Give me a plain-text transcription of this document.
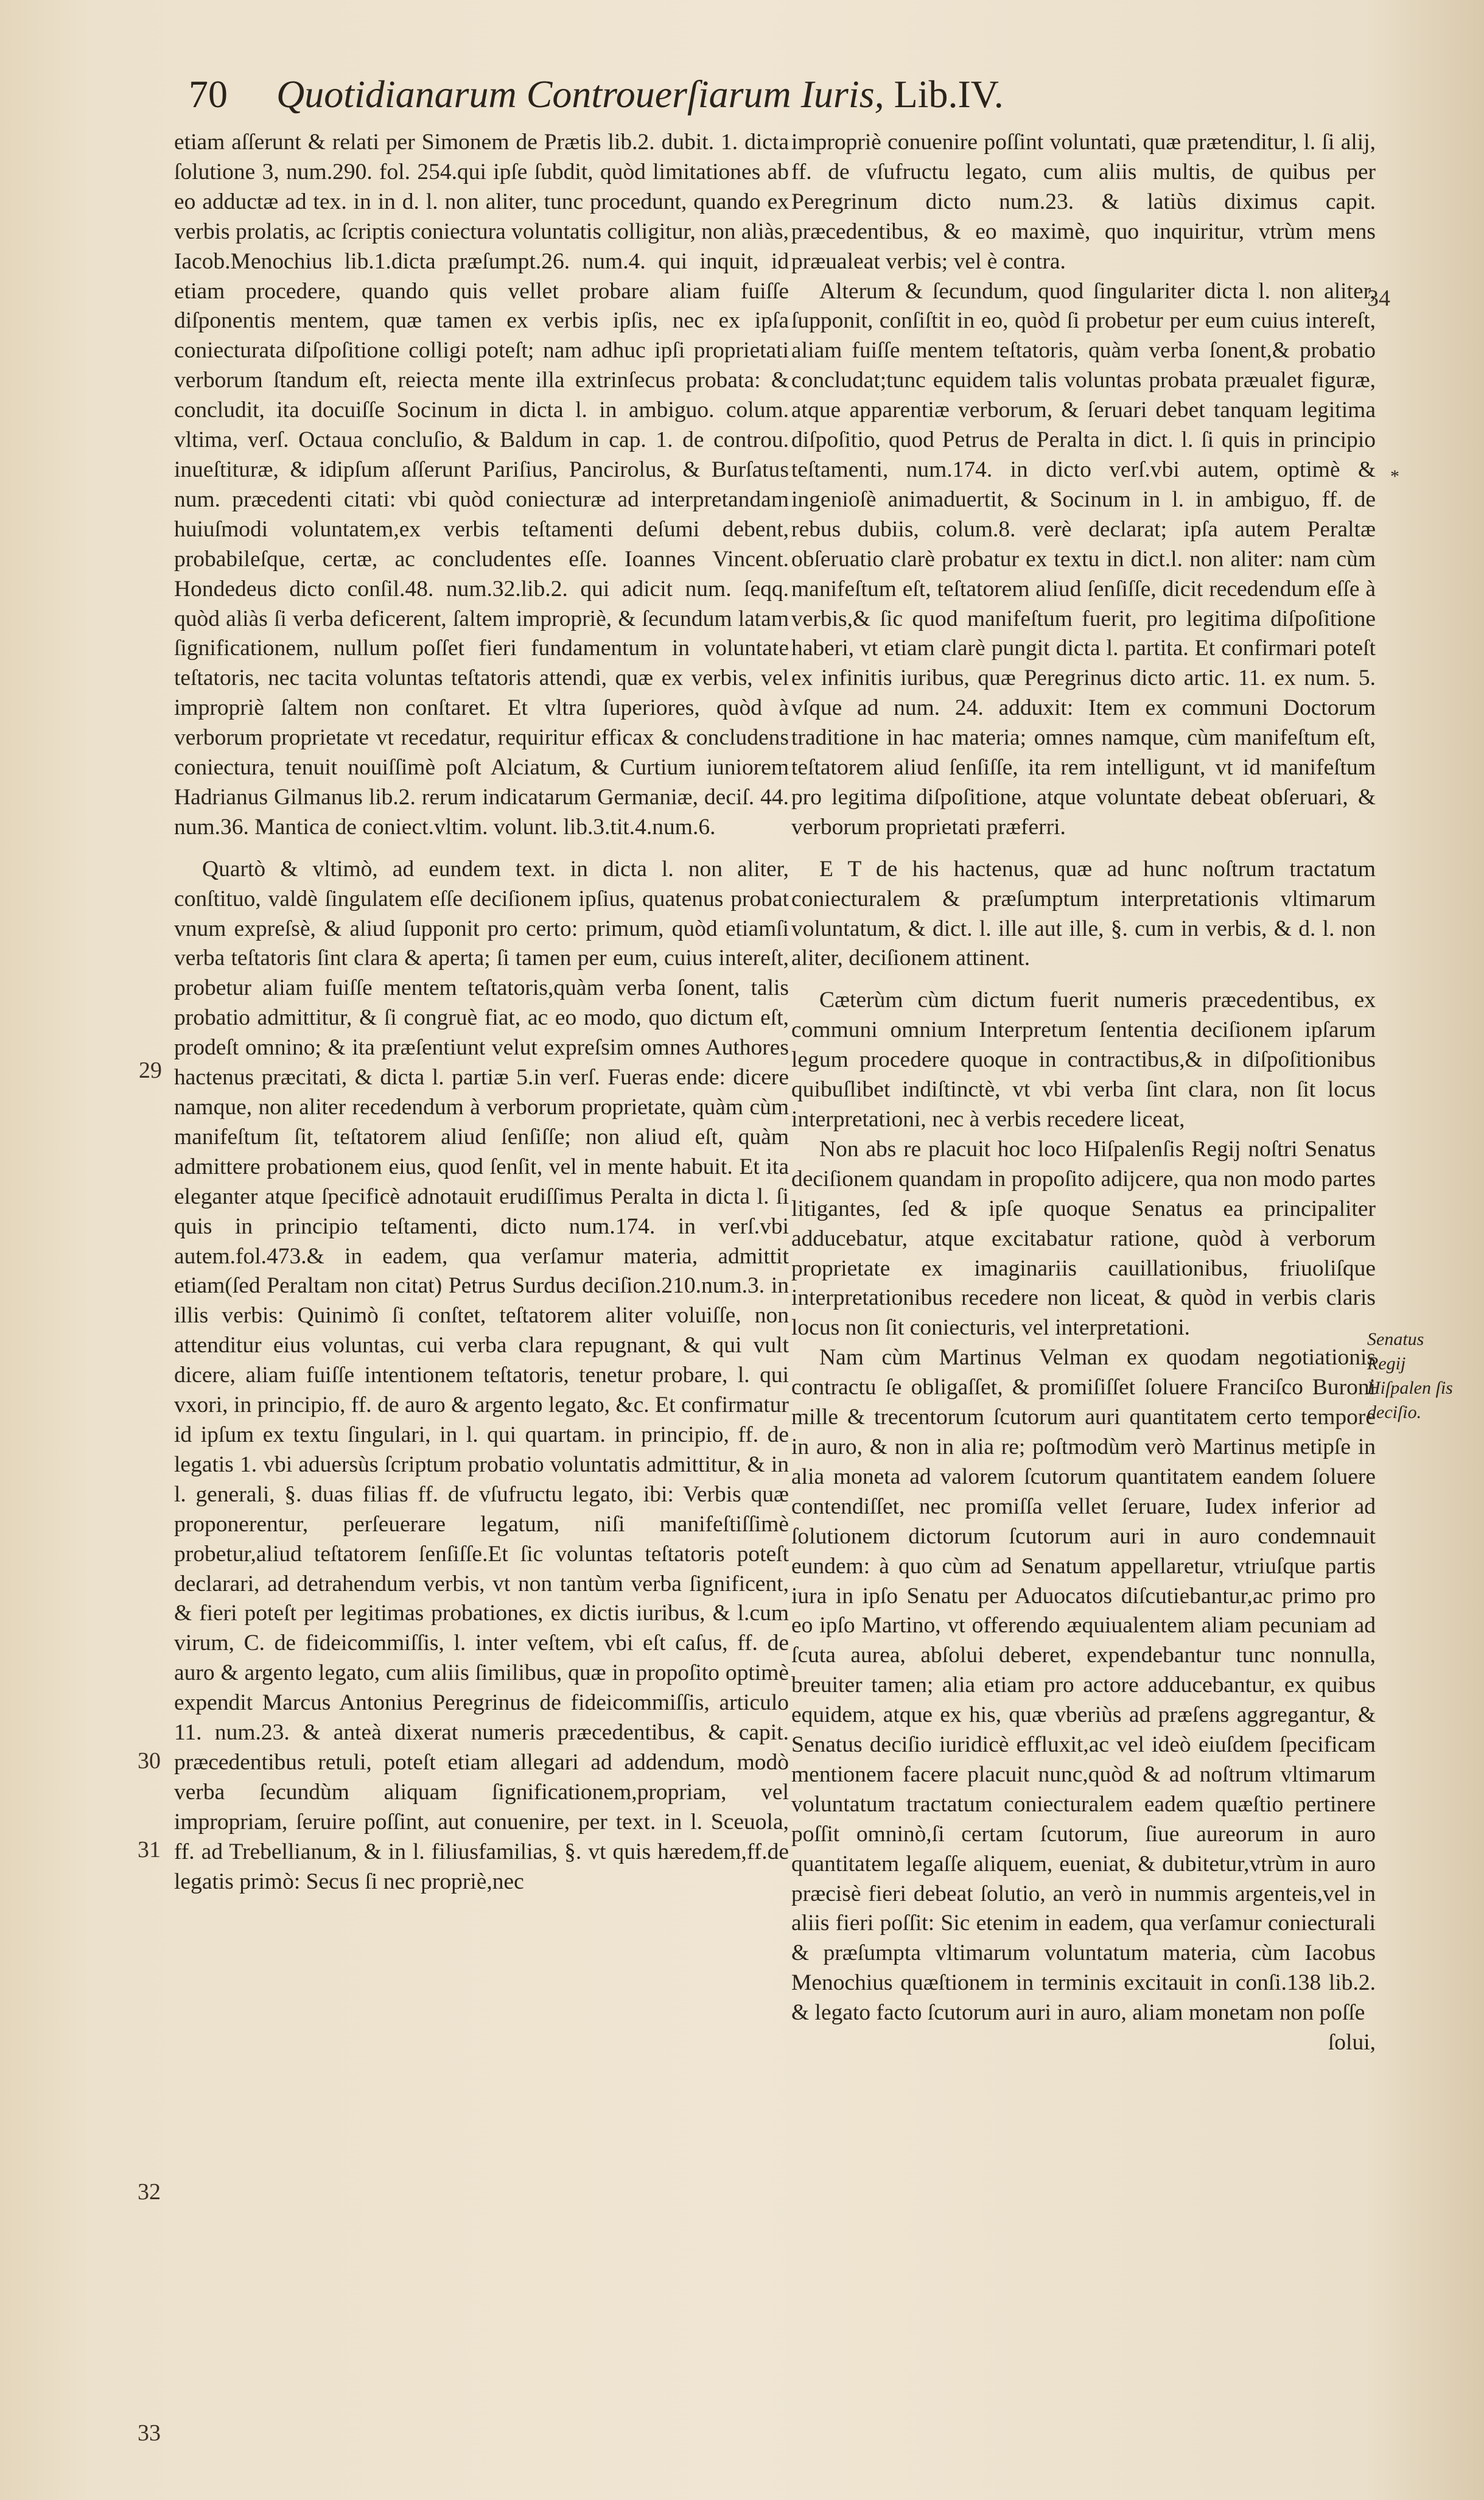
70 Quotidianarum Controuerſiarum Iuris, Lib.IV.
29
30
31
32
33
34
*
Senatus Regij Hiſpalen ſis deciſio.

etiam aſſerunt & relati per Simonem de Prætis lib.2. dubit. 1. dicta ſolutione 3, num.290. fol. 254.qui ipſe ſubdit, quòd limitationes ab eo adductæ ad tex. in in d. l. non aliter, tunc procedunt, quando ex verbis prolatis, ac ſcriptis coniectura voluntatis colligitur, non aliàs, Iacob.Menochius lib.1.dicta præſumpt.26. num.4. qui inquit, id etiam procedere, quando quis vellet probare aliam fuiſſe diſponentis mentem, quæ tamen ex verbis ipſis, nec ex ipſa coniecturata diſpoſitione colligi poteſt; nam adhuc ipſi proprietati verborum ſtandum eſt, reiecta mente illa extrinſecus probata: & concludit, ita docuiſſe Socinum in dicta l. in ambiguo. colum. vltima, verſ. Octaua concluſio, & Baldum in cap. 1. de controu. inueſtituræ, & idipſum aſſerunt Pariſius, Pancirolus, & Burſatus num. præcedenti citati: vbi quòd coniecturæ ad interpretandam huiuſmodi voluntatem,ex verbis teſtamenti deſumi debent, probabileſque, certæ, ac concludentes eſſe. Ioannes Vincent. Hondedeus dicto conſil.48. num.32.lib.2. qui adicit num. ſeqq. quòd aliàs ſi verba deficerent, ſaltem impropriè, & ſecundum latam ſignificationem, nullum poſſet fieri fundamentum in voluntate teſtatoris, nec tacita voluntas teſtatoris attendi, quæ ex verbis, vel impropriè ſaltem non conſtaret. Et vltra ſuperiores, quòd à verborum proprietate vt recedatur, requiritur efficax & concludens coniectura, tenuit nouiſſimè poſt Alciatum, & Curtium iuniorem Hadrianus Gilmanus lib.2. rerum indicatarum Germaniæ, deciſ. 44. num.36. Mantica de coniect.vltim. volunt. lib.3.tit.4.num.6.

Quartò & vltimò, ad eundem text. in dicta l. non aliter, conſtituo, valdè ſingulatem eſſe deciſionem ipſius, quatenus probat vnum expreſsè, & aliud ſupponit pro certo: primum, quòd etiamſi verba teſtatoris ſint clara & aperta; ſi tamen per eum, cuius intereſt, probetur aliam fuiſſe mentem teſtatoris,quàm verba ſonent, talis probatio admittitur, & ſi congruè fiat, ac eo modo, quo dictum eſt, prodeſt omnino; & ita præſentiunt velut expreſsim omnes Authores hactenus præcitati, & dicta l. partiæ 5.in verſ. Fueras ende: dicere namque, non aliter recedendum à verborum proprietate, quàm cùm manifeſtum ſit, teſtatorem aliud ſenſiſſe; non aliud eſt, quàm admittere probationem eius, quod ſenſit, vel in mente habuit. Et ita eleganter atque ſpecificè adnotauit erudiſſimus Peralta in dicta l. ſi quis in principio teſtamenti, dicto num.174. in verſ.vbi autem.fol.473.& in eadem, qua verſamur materia, admittit etiam(ſed Peraltam non citat) Petrus Surdus deciſion.210.num.3. in illis verbis: Quinimò ſi conſtet, teſtatorem aliter voluiſſe, non attenditur eius voluntas, cui verba clara repugnant, & qui vult dicere, aliam fuiſſe intentionem teſtatoris, tenetur probare, l. qui vxori, in principio, ff. de auro & argento legato, &c. Et confirmatur id ipſum ex textu ſingulari, in l. qui quartam. in principio, ff. de legatis 1. vbi aduersùs ſcriptum probatio voluntatis admittitur, & in l. generali, §. duas filias ff. de vſufructu legato, ibi: Verbis quæ proponerentur, perſeuerare legatum, niſi manifeſtiſſimè probetur,aliud teſtatorem ſenſiſſe.Et ſic voluntas teſtatoris poteſt declarari, ad detrahendum verbis, vt non tantùm verba ſignificent, & fieri poteſt per legitimas probationes, ex dictis iuribus, & l.cum virum, C. de fideicommiſſis, l. inter veſtem, vbi eſt caſus, ff. de auro & argento legato, cum aliis ſimilibus, quæ in propoſito optimè expendit Marcus Antonius Peregrinus de fideicommiſſis, articulo 11. num.23. & anteà dixerat numeris præcedentibus, & capit. præcedentibus retuli, poteſt etiam allegari ad addendum, modò verba ſecundùm aliquam ſignificationem,propriam, vel impropriam, ſeruire poſſint, aut conuenire, per text. in l. Sceuola, ff. ad Trebellianum, & in l. filiusfamilias, §. vt quis hæredem,ff.de legatis primò: Secus ſi nec propriè,nec

impropriè conuenire poſſint voluntati, quæ prætenditur, l. ſi alij, ff. de vſufructu legato, cum aliis multis, de quibus per Peregrinum dicto num.23. & latiùs diximus capit. præcedentibus, & eo maximè, quo inquiritur, vtrùm mens præualeat verbis; vel è contra.

Alterum & ſecundum, quod ſingulariter dicta l. non aliter, ſupponit, conſiſtit in eo, quòd ſi probetur per eum cuius intereſt, aliam fuiſſe mentem teſtatoris, quàm verba ſonent,& probatio concludat;tunc equidem talis voluntas probata præualet figuræ, atque apparentiæ verborum, & ſeruari debet tanquam legitima diſpoſitio, quod Petrus de Peralta in dict. l. ſi quis in principio teſtamenti, num.174. in dicto verſ.vbi autem, optimè & ingenioſè animaduertit, & Socinum in l. in ambiguo, ff. de rebus dubiis, colum.8. verè declarat; ipſa autem Peraltæ obſeruatio clarè probatur ex textu in dict.l. non aliter: nam cùm manifeſtum eſt, teſtatorem aliud ſenſiſſe, dicit recedendum eſſe à verbis,& ſic quod manifeſtum fuerit, pro legitima diſpoſitione haberi, vt etiam clarè pungit dicta l. partita. Et confirmari poteſt ex infinitis iuribus, quæ Peregrinus dicto artic. 11. ex num. 5. vſque ad num. 24. adduxit: Item ex communi Doctorum traditione in hac materia; omnes namque, cùm manifeſtum eſt, teſtatorem aliud ſenſiſſe, ita rem intelligunt, vt id manifeſtum pro legitima diſpoſitione, atque voluntate debeat obſeruari, & verborum proprietati præferri.

E T de his hactenus, quæ ad hunc noſtrum tractatum coniecturalem & præſumptum interpretationis vltimarum voluntatum, & dict. l. ille aut ille, §. cum in verbis, & d. l. non aliter, deciſionem attinent.

Cæterùm cùm dictum fuerit numeris præcedentibus, ex communi omnium Interpretum ſententia deciſionem ipſarum legum procedere quoque in contractibus,& in diſpoſitionibus quibuſlibet indiſtinctè, vt vbi verba ſint clara, non ſit locus interpretationi, nec à verbis recedere liceat,

Non abs re placuit hoc loco Hiſpalenſis Regij noſtri Senatus deciſionem quandam in propoſito adijcere, qua non modo partes litigantes, ſed & ipſe quoque Senatus ea principaliter adducebatur, atque excitabatur ratione, quòd à verborum proprietate ex imaginariis cauillationibus, friuoliſque interpretationibus recedere non liceat, & quòd in verbis claris locus non ſit coniecturis, vel interpretationi.

Nam cùm Martinus Velman ex quodam negotiationis contractu ſe obligaſſet, & promiſiſſet ſoluere Franciſco Buroni mille & trecentorum ſcutorum auri quantitatem certo tempore in auro, & non in alia re; poſtmodùm verò Martinus metipſe in alia moneta ad valorem ſcutorum quantitatem eandem ſoluere contendiſſet, nec promiſſa vellet ſeruare, Iudex inferior ad ſolutionem dictorum ſcutorum auri in auro condemnauit eundem: à quo cùm ad Senatum appellaretur, vtriuſque partis iura in ipſo Senatu per Aduocatos diſcutiebantur,ac primo pro eo ipſo Martino, vt offerendo æquiualentem aliam pecuniam ad ſcuta aurea, abſolui deberet, expendebantur tunc nonnulla, breuiter tamen; alia etiam pro actore adducebantur, ex quibus equidem, atque ex his, quæ vberiùs ad præſens aggregantur, & Senatus deciſio iuridicè effluxit,ac vel ideò eiuſdem ſpecificam mentionem facere placuit nunc,quòd & ad noſtrum vltimarum voluntatum tractatum coniecturalem eadem quæſtio pertinere poſſit omninò,ſi certam ſcutorum, ſiue aureorum in auro quantitatem legaſſe aliquem, eueniat, & dubitetur,vtrùm in auro præcisè fieri debeat ſolutio, an verò in nummis argenteis,vel in aliis fieri poſſit: Sic etenim in eadem, qua verſamur coniecturali & præſumpta vltimarum voluntatum materia, cùm Iacobus Menochius quæſtionem in terminis excitauit in conſi.138 lib.2. & legato facto ſcutorum auri in auro, aliam monetam non poſſe

ſolui,
